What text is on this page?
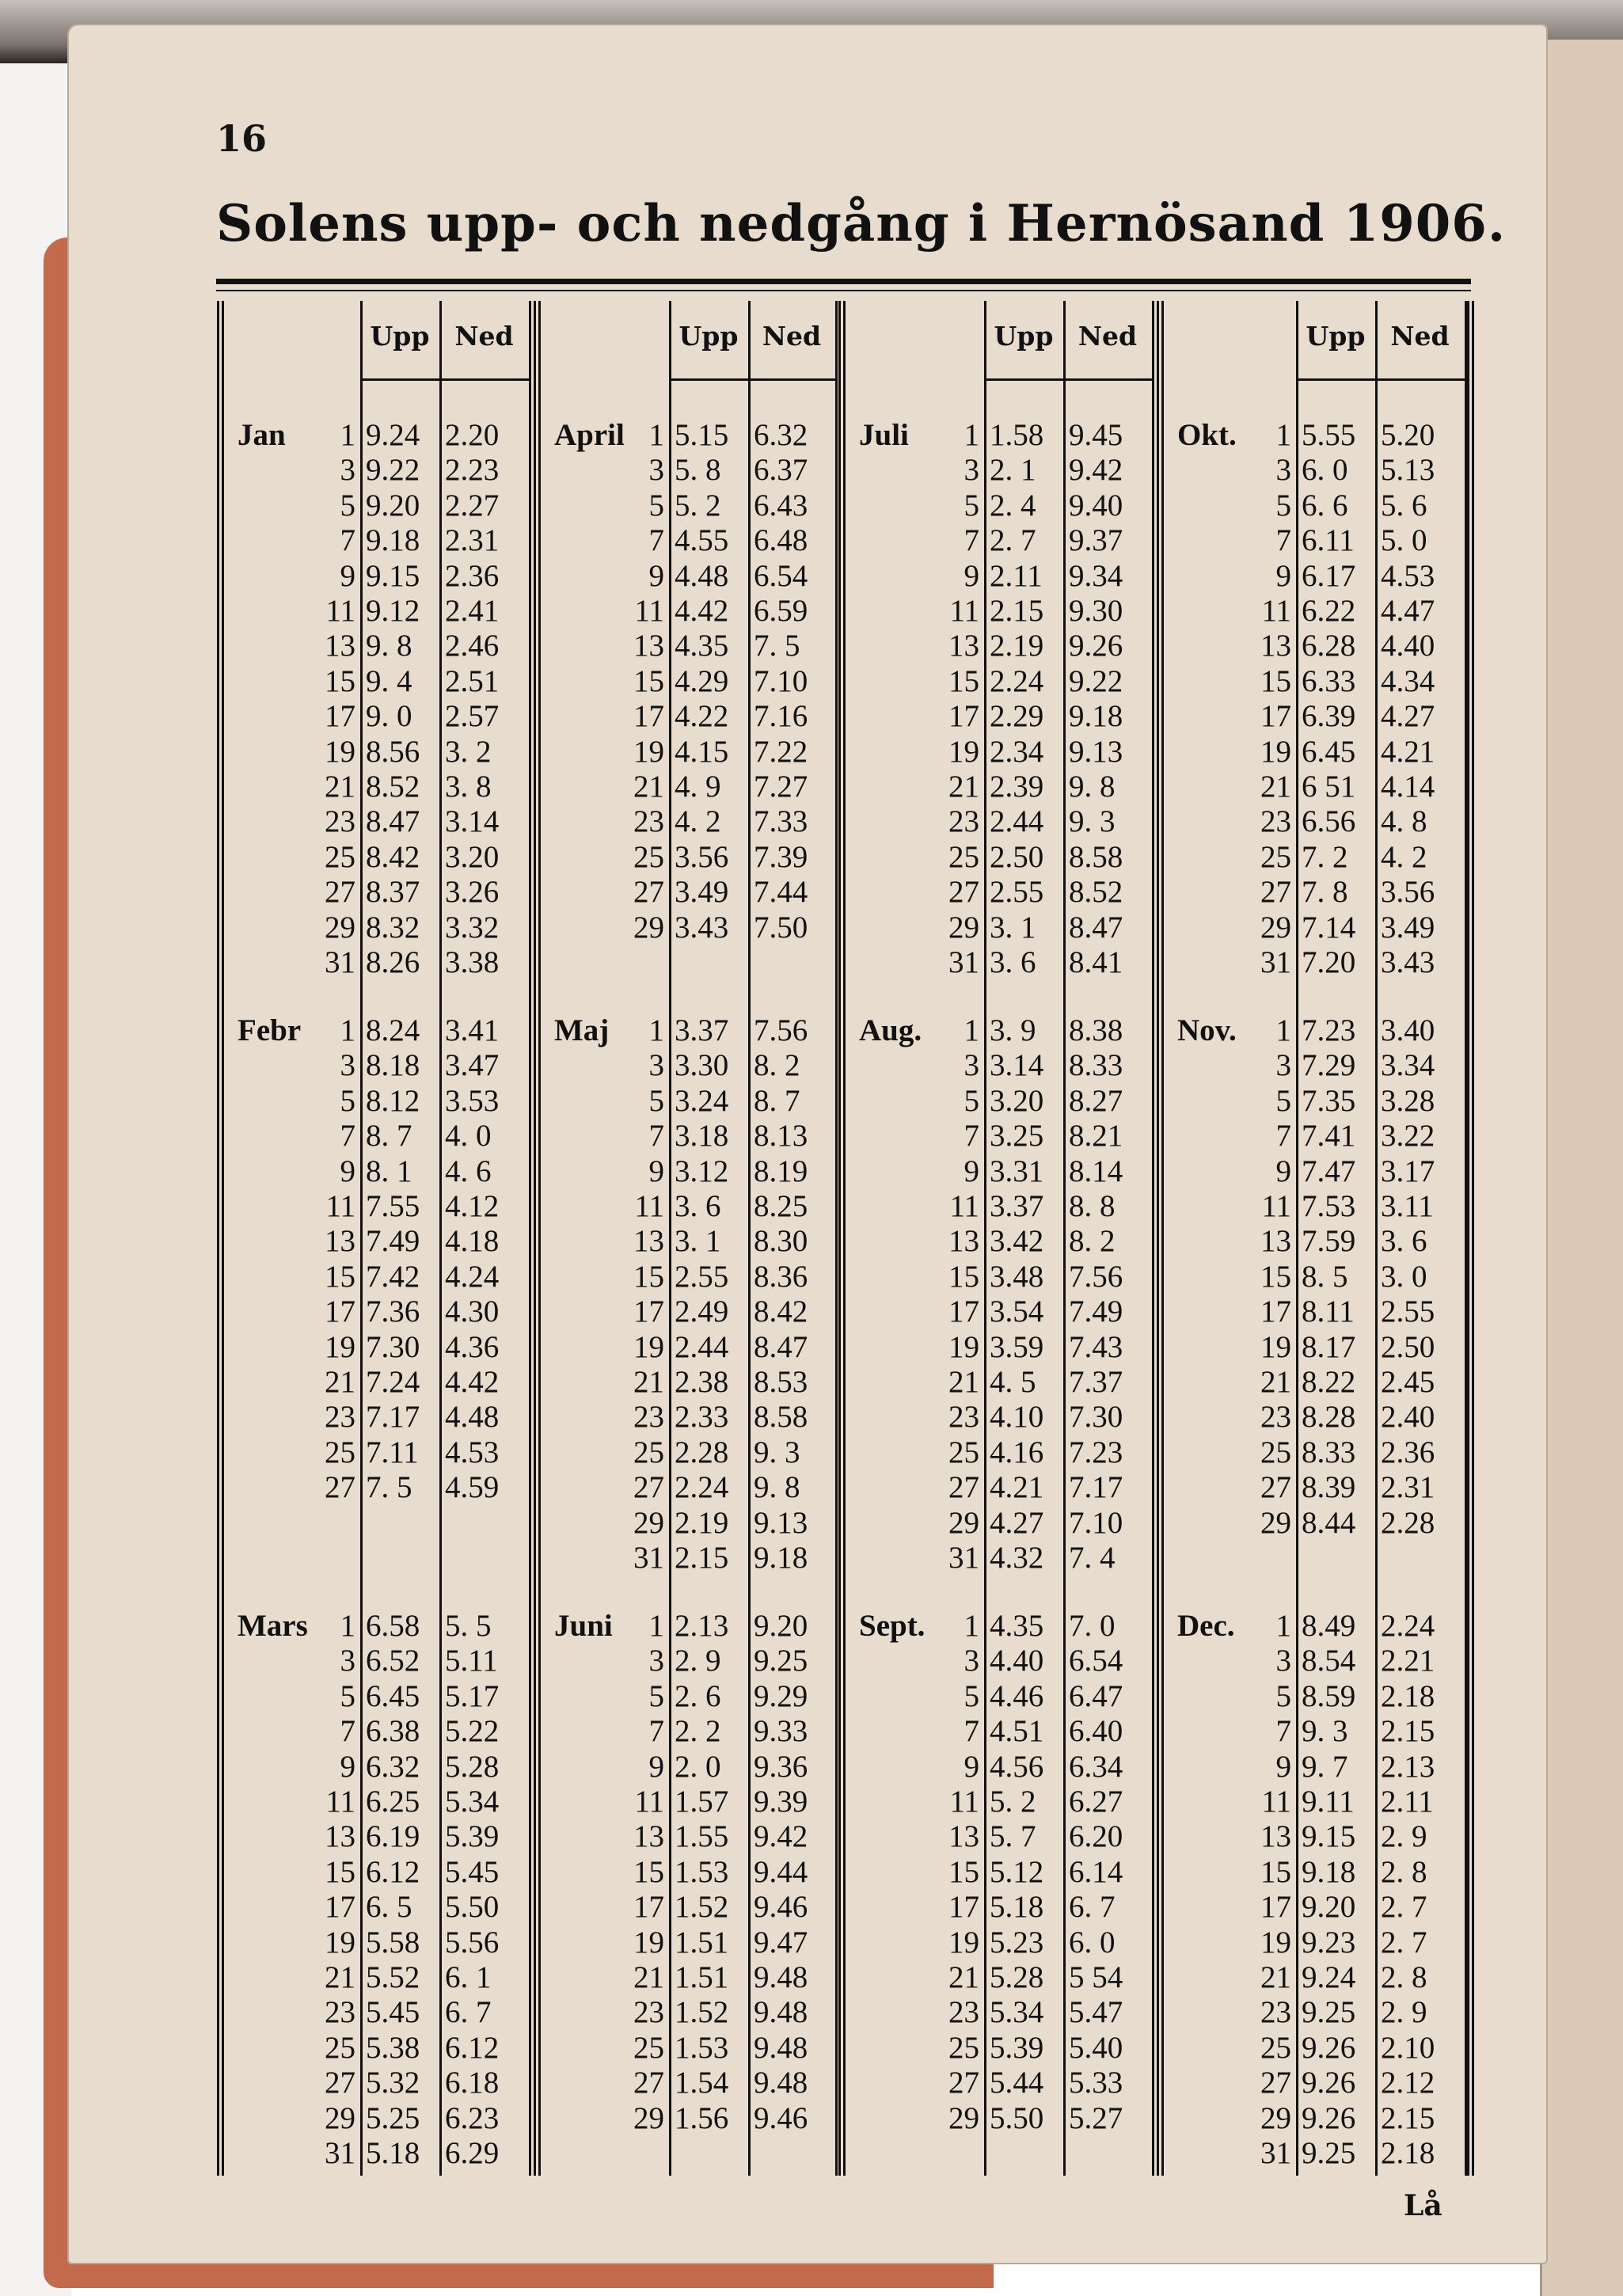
16
Solens upp- och nedgång i Hernösand 1906.
Upp Ned
Jan	1 9.24 2.20
3 9.22 2.23
5 9.20 2.27
7 9.18 2.31
9 9.15 2.36
11 9.12 2.41
13 9. 8 2.46
15 9. 4 2.51
17 9. 0 2.57
19 8.56 3. 2
21 8.52 3. 8
23 8.47 3.14
25 8.42 3.20
27 8.37 3.26
29 8.32 3.32
31 8.26 3.38
Febr	1 8.24 3.41
3 8.18 3.47
5 8.12 3.53
7 8. 7 4. 0
9 8. 1 4. 6
11 7.55 4.12
13 7.49 4.18
15 7.42 4.24
17 7.36 4.30
19 7.30 4.36
21 7.24 4.42
23 7.17 4.48
25 7.11 4.53
27 7. 5 4.59
Mars	1 6.58 5. 5
3 6.52 5.11
5 6.45 5.17
7 6.38 5.22
9 6.32 5.28
11 6.25 5.34
13 6.19 5.39
15 6.12 5.45
17 6. 5 5.50
19 5.58 5.56
21 5.52 6. 1
23 5.45 6. 7
25 5.38 6.12
27 5.32 6.18
29 5.25 6.23
31 5.18 6.29
Upp Ned
April 1 5.15 6.32
3 5. 8 6.37
5 5. 2 6.43
7 4.55 6.48
9 4.48 6.54
11 4.42 6.59
13 4.35 7. 5
15 4.29 7.10
17 4.22 7.16
19 4.15 7.22
21 4. 9 7.27
23 4. 2 7.33
25 3.56 7.39
27 3.49 7.44
29 3.43 7.50
Maj	1 3.37 7.56
3 3.30 8. 2
5 3.24 8. 7
7 3.18 8.13
9 3.12 8.19
11 3. 6 8.25
13 3. 1 8.30
15 2.55 8.36
17 2.49 8.42
19 2.44 8.47
21 2.38 8.53
23 2.33 8.58
25 2.28 9. 3
27 2.24 9. 8
29 2.19 9.13
31 2.15 9.18
Juni	1 2.13 9.20
3 2. 9 9.25
5 2. 6 9.29
7 2. 2 9.33
9 2. 0 9.36
11 1.57 9.39
13 1.55 9.42
15 1.53 9.44
17 1.52 9.46
19 1.51 9.47
21 1.51 9.48
23 1.52 9.48
25 1.53 9.48
27 1.54 9.48
29 1.56 9.46
Upp Ned
Juli	1 1.58 9.45
3 2. 1 9.42
5 2. 4 9.40
7 2. 7 9.37
9 2.11 9.34
11 2.15 9.30
13 2.19 9.26
15 2.24 9.22
17 2.29 9.18
19 2.34 9.13
21 2.39 9. 8
23 2.44 9. 3
25 2.50 8.58
27 2.55 8.52
29 3. 1 8.47
31 3. 6 8.41
Aug.	1 3. 9 8.38
3 3.14 8.33
5 3.20 8.27
7 3.25 8.21
9 3.31 8.14
11 3.37 8. 8
13 3.42 8. 2
15 3.48 7.56
17 3.54 7.49
19 3.59 7.43
21 4. 5 7.37
23 4.10 7.30
25 4.16 7.23
27 4.21 7.17
29 4.27 7.10
31 4.32 7. 4
Sept.	1 4.35 7. 0
3 4.40 6.54
5 4.46 6.47
7 4.51 6.40
9 4.56 6.34
11 5. 2 6.27
13 5. 7 6.20
15 5.12 6.14
17 5.18 6. 7
19 5.23 6. 0
21 5.28 5 54
23 5.34 5.47
25 5.39 5.40
27 5.44 5.33
29 5.50 5.27
Upp Ned
Okt.	1 5.55 5.20
3 6. 0 5.13
5 6. 6 5. 6
7 6.11 5. 0
9 6.17 4.53
11 6.22 4.47
13 6.28 4.40
15 6.33 4.34
17 6.39 4.27
19 6.45 4.21
21 6 51 4.14
23 6.56 4. 8
25 7. 2 4. 2
27 7. 8 3.56
29 7.14 3.49
31 7.20 3.43
Nov.	1 7.23 3.40
3 7.29 3.34
5 7.35 3.28
7 7.41 3.22
9 7.47 3.17
11 7.53 3.11
13 7.59 3. 6
15 8. 5 3. 0
17 8.11 2.55
19 8.17 2.50
21 8.22 2.45
23 8.28 2.40
25 8.33 2.36
27 8.39 2.31
29 8.44 2.28
Dec.	1 8.49 2.24
3 8.54 2.21
5 8.59 2.18
7 9. 3 2.15
9 9. 7 2.13
11 9.11 2.11
13 9.15 2. 9
15 9.18 2. 8
17 9.20 2. 7
19 9.23 2. 7
21 9.24 2. 8
23 9.25 2. 9
25 9.26 2.10
27 9.26 2.12
29 9.26 2.15
31 9.25 2.18
Lå
